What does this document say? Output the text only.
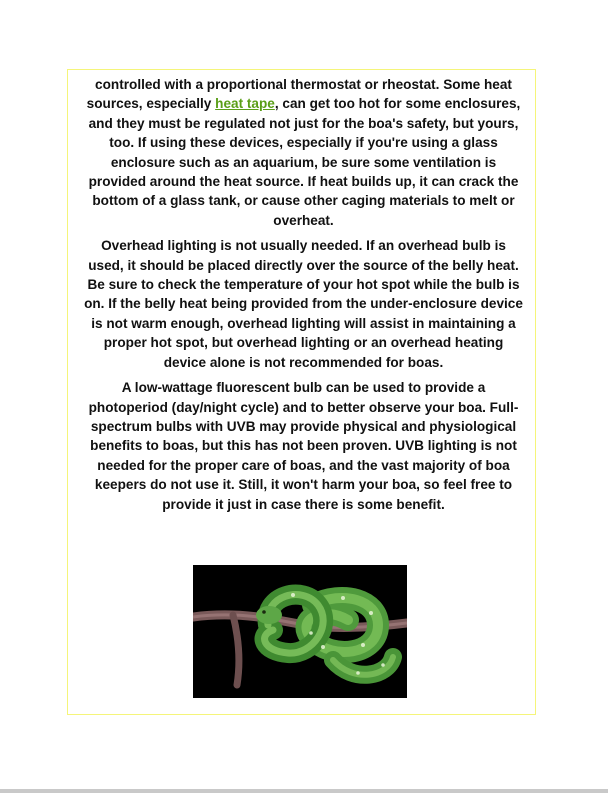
controlled with a proportional thermostat or rheostat. Some heat sources, especially heat tape, can get too hot for some enclosures, and they must be regulated not just for the boa's safety, but yours, too. If using these devices, especially if you're using a glass enclosure such as an aquarium, be sure some ventilation is provided around the heat source. If heat builds up, it can crack the bottom of a glass tank, or cause other caging materials to melt or overheat.

Overhead lighting is not usually needed. If an overhead bulb is used, it should be placed directly over the source of the belly heat. Be sure to check the temperature of your hot spot while the bulb is on. If the belly heat being provided from the under-enclosure device is not warm enough, overhead lighting will assist in maintaining a proper hot spot, but overhead lighting or an overhead heating device alone is not recommended for boas.

A low-wattage fluorescent bulb can be used to provide a photoperiod (day/night cycle) and to better observe your boa. Full-spectrum bulbs with UVB may provide physical and physiological benefits to boas, but this has not been proven. UVB lighting is not needed for the proper care of boas, and the vast majority of boa keepers do not use it. Still, it won't harm your boa, so feel free to provide it just in case there is some benefit.
